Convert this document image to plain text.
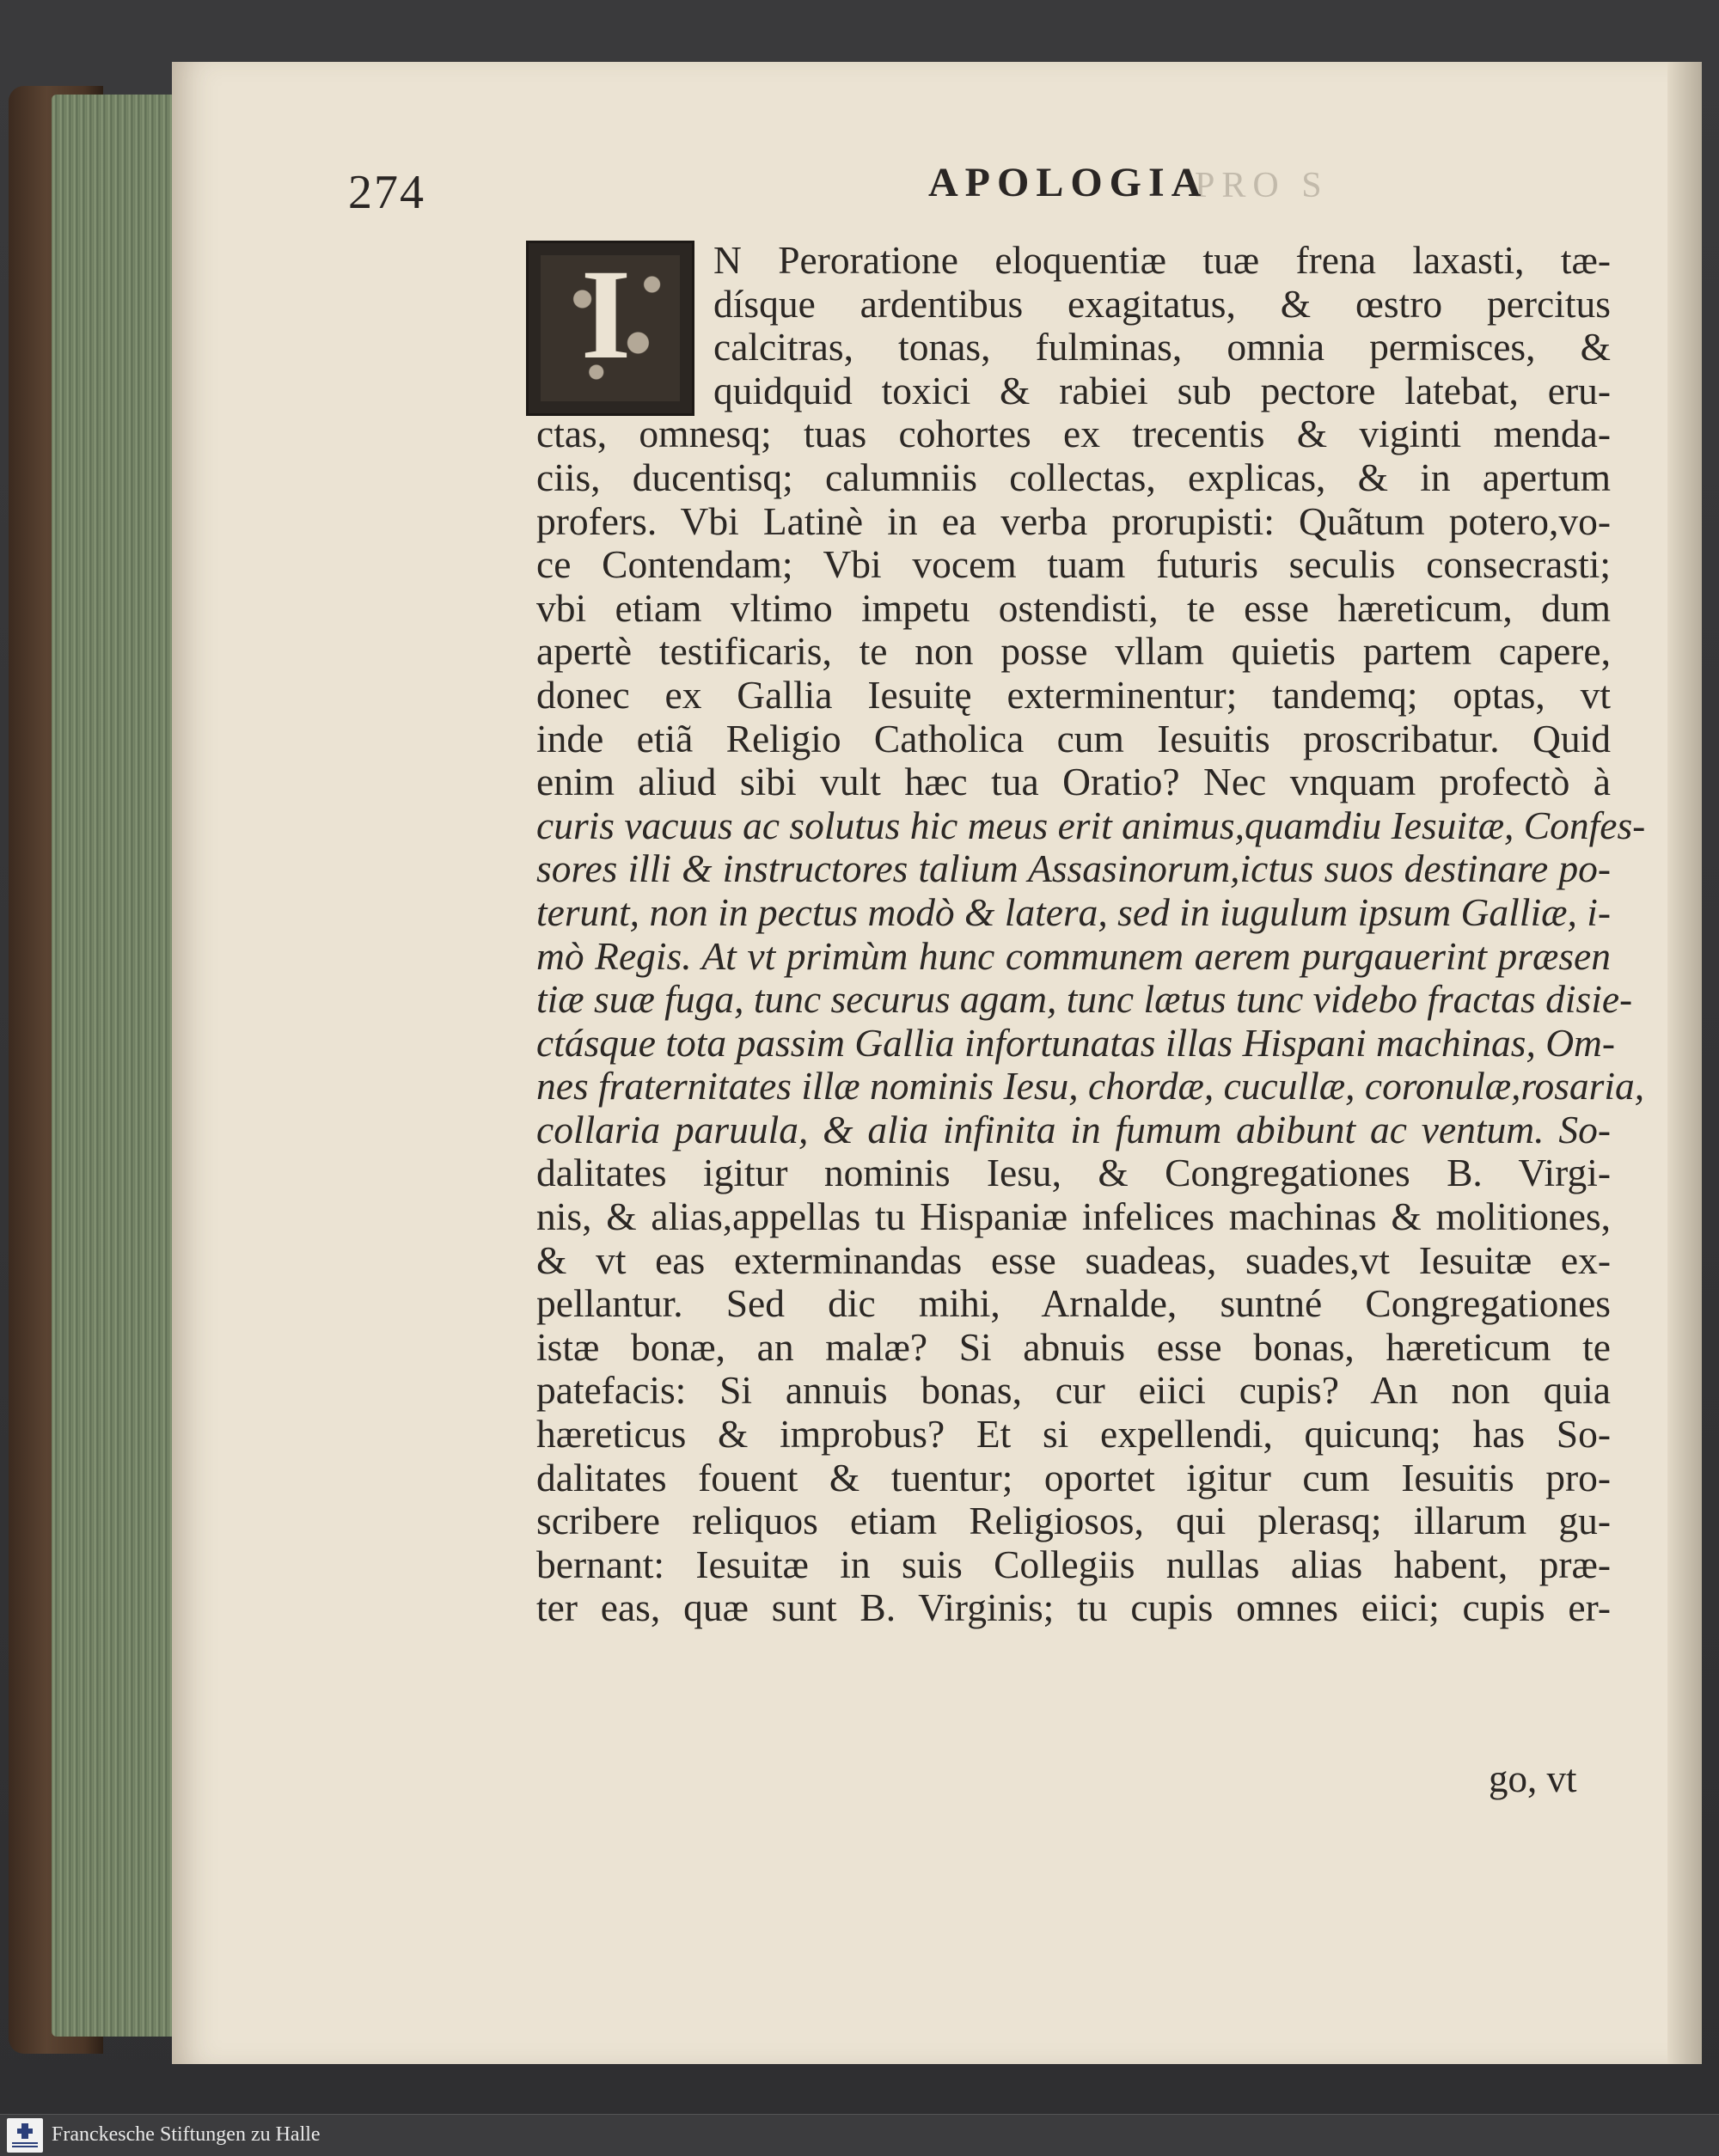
274	APOLOGIA

PRO S

I N Peroratione eloquentiæ tuæ frena laxasti, tæ-
dísque ardentibus exagitatus, & œstro percitus
calcitras, tonas, fulminas, omnia permisces, &
quidquid toxici & rabiei sub pectore latebat, eru-
ctas, omnesq; tuas cohortes ex trecentis & viginti menda-
ciis, ducentisq; calumniis collectas, explicas, & in apertum
profers. Vbi Latinè in ea verba prorupisti: Quãtum potero,vo-
ce Contendam; Vbi vocem tuam futuris seculis consecrasti;
vbi etiam vltimo impetu ostendisti, te esse hæreticum, dum
apertè testificaris, te non posse vllam quietis partem capere,
donec ex Gallia Iesuitę exterminentur; tandemq; optas, vt
inde etiã Religio Catholica cum Iesuitis proscribatur. Quid
enim aliud sibi vult hæc tua Oratio? Nec vnquam profectò à
curis vacuus ac solutus hic meus erit animus,quamdiu Iesuitæ, Confes-
sores illi & instructores talium Assasinorum,ictus suos destinare po-
terunt, non in pectus modò & latera, sed in iugulum ipsum Galliæ, i-
mò Regis. At vt primùm hunc communem aerem purgauerint præsen
tiæ suæ fuga, tunc securus agam, tunc lætus tunc videbo fractas disie-
ctásque tota passim Gallia infortunatas illas Hispani machinas, Om-
nes fraternitates illæ nominis Iesu, chordæ, cucullæ, coronulæ,rosaria,
collaria paruula, & alia infinita in fumum abibunt ac ventum. So-
dalitates igitur nominis Iesu, & Congregationes B. Virgi-
nis, & alias,appellas tu Hispaniæ infelices machinas & molitiones,
& vt eas exterminandas esse suadeas, suades,vt Iesuitæ ex-
pellantur. Sed dic mihi, Arnalde, suntné Congregationes
istæ bonæ, an malæ? Si abnuis esse bonas, hæreticum te
patefacis: Si annuis bonas, cur eiici cupis? An non quia
hæreticus & improbus? Et si expellendi, quicunq; has So-
dalitates fouent & tuentur; oportet igitur cum Iesuitis pro-
scribere reliquos etiam Religiosos, qui plerasq; illarum gu-
bernant: Iesuitæ in suis Collegiis nullas alias habent, præ-
ter eas, quæ sunt B. Virginis; tu cupis omnes eiici; cupis er-

go, vt

Franckesche Stiftungen zu Halle
